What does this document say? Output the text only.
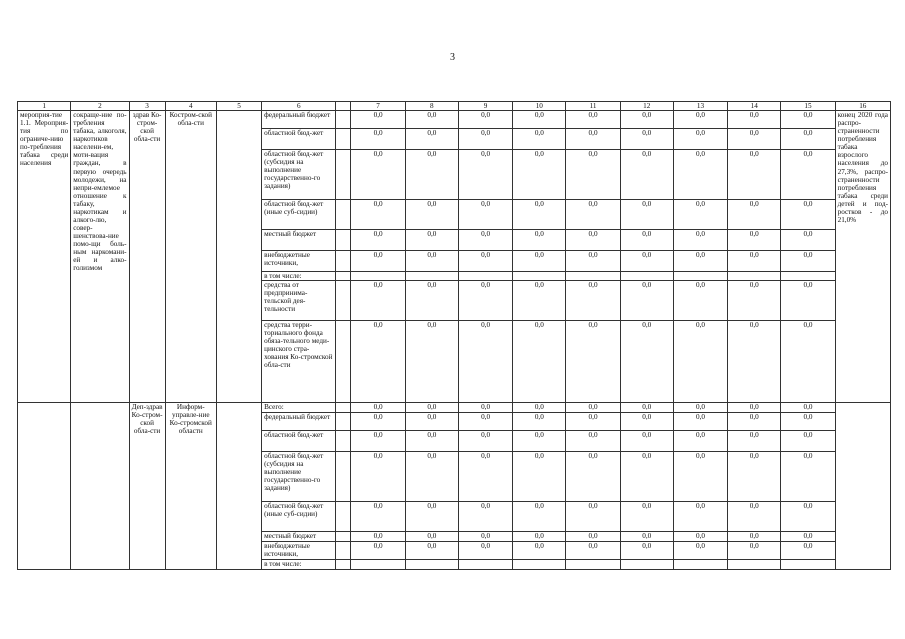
3
1	2	3	4	5	6		7	8	9	10	11	12	13	14	15	16
мероприя-тие 1.1. Мероприя-тия по ограниче-нию по-требления табака среди населения	сокраще-ние по-требления табака, алкоголя, наркотиков населени-ем, моти-вация граждан, в первую очередь молодежи, на непри-емлемое отношение к табаку, наркотикам и алкого-лю, совер-шенствова-ние помо-щи боль-ным наркомани-ей и алко-голизмом	здрав Ко-стром-ской обла-сти	Костром-ской обла-сти		федеральный бюджет		0,0	0,0	0,0	0,0	0,0	0,0	0,0	0,0	0,0	конец 2020 года распро-страненности потребления табака взрослого населения до 27,3%, распро-страненности потребления табака среди детей и под-ростков - до 21,0%
					областной бюд-жет		0,0	0,0	0,0	0,0	0,0	0,0	0,0	0,0	0,0	
					областной бюд-жет (субсидия на выполнение государственно-го задания)		0,0	0,0	0,0	0,0	0,0	0,0	0,0	0,0	0,0	
					областной бюд-жет (иные суб-сидии)		0,0	0,0	0,0	0,0	0,0	0,0	0,0	0,0	0,0	
					местный бюджет		0,0	0,0	0,0	0,0	0,0	0,0	0,0	0,0	0,0	
					внебюджетные источники,		0,0	0,0	0,0	0,0	0,0	0,0	0,0	0,0	0,0	
					в том числе:											
					средства от предпринима-тельской дея-тельности		0,0	0,0	0,0	0,0	0,0	0,0	0,0	0,0	0,0	
					средства терри-ториального фонда обяза-тельного меди-цинского стра-хования Ко-стромской обла-сти		0,0	0,0	0,0	0,0	0,0	0,0	0,0	0,0	0,0	
		Деп-здрав Ко-стром-ской обла-сти	Информ-управле-ние Ко-стромской областн		Всего:		0,0	0,0	0,0	0,0	0,0	0,0	0,0	0,0	0,0	
					федеральный бюджет		0,0	0,0	0,0	0,0	0,0	0,0	0,0	0,0	0,0	
					областной бюд-жет		0,0	0,0	0,0	0,0	0,0	0,0	0,0	0,0	0,0	
					областной бюд-жет (субсидия на выполнение государственно-го задания)		0,0	0,0	0,0	0,0	0,0	0,0	0,0	0,0	0,0	
					областной бюд-жет (иные суб-сидии)		0,0	0,0	0,0	0,0	0,0	0,0	0,0	0,0	0,0	
					местный бюджет		0,0	0,0	0,0	0,0	0,0	0,0	0,0	0,0	0,0	
					внебюджетные источники,		0,0	0,0	0,0	0,0	0,0	0,0	0,0	0,0	0,0	
					в том числе:											
